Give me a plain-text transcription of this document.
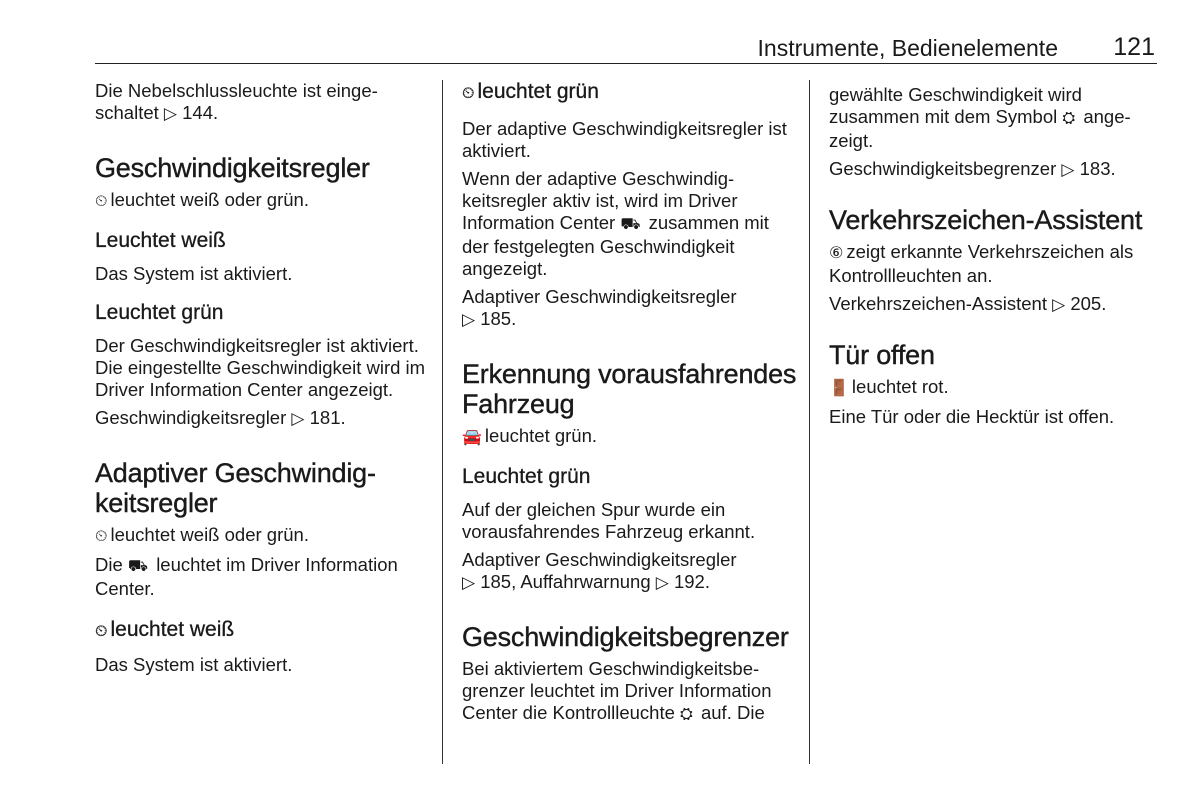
Instrumente, Bedienelemente 121

Die Nebelschlussleuchte ist einge-

schaltet ▷ 144.

Geschwindigkeitsregler

⏲ leuchtet weiß oder grün.

Leuchtet weiß

Das System ist aktiviert.

Leuchtet grün

Der Geschwindigkeitsregler ist aktiviert. Die eingestellte Geschwindigkeit wird im Driver Information Center angezeigt.

Geschwindigkeitsregler ▷ 181.

Adaptiver Geschwindigkeitsregler

⏲ leuchtet weiß oder grün.

Die ⛟ leuchtet im Driver Information Center.

⏲ leuchtet weiß

Das System ist aktiviert.

⏲ leuchtet grün

Der adaptive Geschwindigkeitsregler ist aktiviert.

Wenn der adaptive Geschwindigkeitsregler aktiv ist, wird im Driver Information Center ⛟ zusammen mit der festgelegten Geschwindigkeit angezeigt.

Adaptiver Geschwindigkeitsregler
▷ 185.

Erkennung vorausfahrendes Fahrzeug

🚘 leuchtet grün.

Leuchtet grün

Auf der gleichen Spur wurde ein vorausfahrendes Fahrzeug erkannt.

Adaptiver Geschwindigkeitsregler
▷ 185, Auffahrwarnung ▷ 192.

Geschwindigkeitsbegrenzer

Bei aktiviertem Geschwindigkeitsbegrenzer leuchtet im Driver Information Center die Kontrollleuchte ⛭ auf. Die

gewählte Geschwindigkeit wird zusammen mit dem Symbol ⛭ angezeigt.

Geschwindigkeitsbegrenzer ▷ 183.

Verkehrszeichen-Assistent

⑥ zeigt erkannte Verkehrszeichen als Kontrollleuchten an.

Verkehrszeichen-Assistent ▷ 205.

Tür offen

🚪 leuchtet rot.

Eine Tür oder die Hecktür ist offen.
